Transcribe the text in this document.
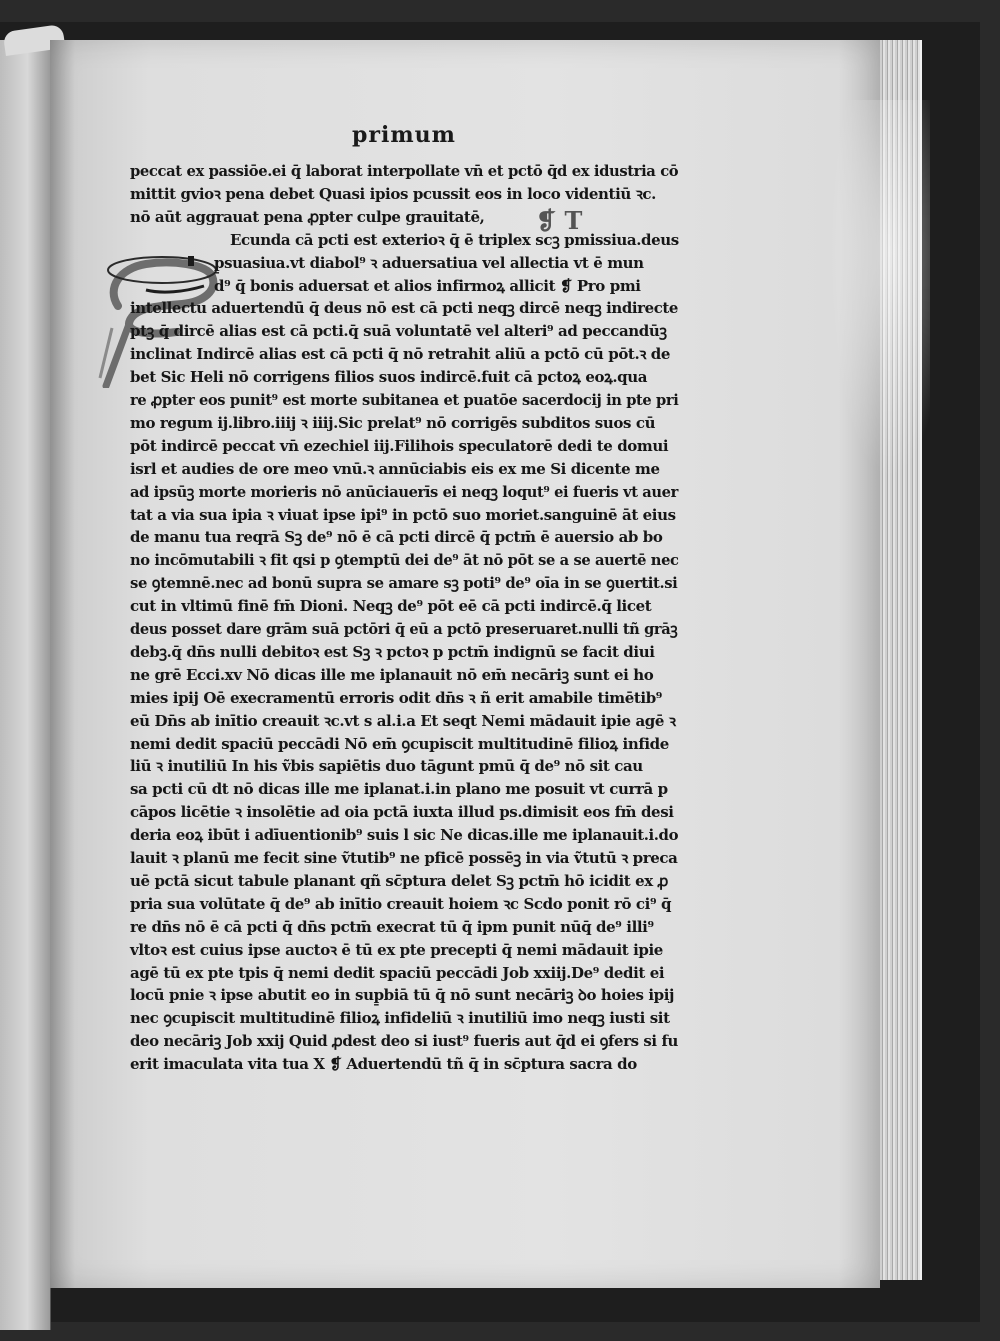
primum
❡ T
peccat ex passiōe.ei q̄ laborat interpollate vn̄ et pctō q̄d ex idustria cō
mittit gvioꝛ pena debet Quasi ipios pcussit eos in loco videntiū ꝛc.
nō aūt aggrauat pena ꝓpter culpe grauitatē,
Ecunda cā pcti est exterioꝛ q̄ ē triplex scꝫ pmissiua.deus
p̱suasiua.vt diabol⁹ ꝛ aduersatiua vel allectia vt ē mun
d⁹ q̄ bonis aduersat et alios infirmoꝝ allicit ❡ Pro pmi
intellectu aduertendū q̄ deus nō est cā pcti neqꝫ dircē neqꝫ indirecte
ptꝫ q̄ dircē alias est cā pcti.q̄ suā voluntatē vel alteri⁹ ad peccandūꝫ
inclinat Indircē alias est cā pcti q̄ nō retrahit aliū a pctō cū pōt.ꝛ de
bet Sic Heli nō corrigens filios suos indircē.fuit cā pctoꝝ eoꝝ.qua
re ꝓpter eos punit⁹ est morte subitanea et puatōe sacerdocij in pte pri
mo regum ij.libro.iiij ꝛ iiij.Sic prelat⁹ nō corrigēs subditos suos cū
pōt indircē peccat vn̄ ezechiel iij.Filihois speculatorē dedi te domui
isrl et audies de ore meo vnū.ꝛ annūciabis eis ex me Si dicente me
ad ipsūꝫ morte morieris nō anūciauerīs ei neqꝫ loqut⁹ ei fueris vt auer
tat a via sua ipia ꝛ viuat ipse ipi⁹ in pctō suo moriet.sanguinē āt eius
de manu tua reqrā Sꝫ de⁹ nō ē cā pcti dircē q̄ pctm̄ ē auersio ab bo
no incōmutabili ꝛ fit qsi p ꝯtemptū dei de⁹ āt nō pōt se a se auertē nec
se ꝯtemnē.nec ad bonū supra se amare sꝫ poti⁹ de⁹ oīa in se ꝯuertit.si
cut in vltimū finē fm̄ Dioni. Neqꝫ de⁹ pōt eē cā pcti indircē.q̄ licet
deus posset dare grām suā pctōri q̄ eū a pctō preseruaret.nulli tñ grāꝫ
debꝫ.q̄ dn̄s nulli debitoꝛ est Sꝫ ꝛ pctoꝛ p pctm̄ indignū se facit diui
ne grē Ecci.xv Nō dicas ille me iplanauit nō em̄ necāriꝫ sunt ei ho
mies ipij Oē execramentū erroris odit dn̄s ꝛ ñ erit amabile timētib⁹
eū Dn̄s ab inītio creauit ꝛc.vt s al.i.a Et seqt Nemi mādauit ipie agē ꝛ
nemi dedit spaciū peccādi Nō em̄ ꝯcupiscit multitudinē filioꝝ infide
liū ꝛ inutiliū In his ṽbis sapiētis duo tāgunt pmū q̄ de⁹ nō sit cau
sa pcti cū dt nō dicas ille me iplanat.i.in plano me posuit vt currā p
cāpos licētie ꝛ insolētie ad oia pctā iuxta illud ps.dimisit eos fm̄ desi
deria eoꝝ ibūt i adīuentionib⁹ suis l sic Ne dicas.ille me iplanauit.i.do
lauit ꝛ planū me fecit sine ṽtutib⁹ ne pficē possēꝫ in via ṽtutū ꝛ precа
uē pctā sicut tabule planant qñ sc̄ptura delet Sꝫ pctm̄ hō icidit ex ꝓ
pria sua volūtate q̄ de⁹ ab inītio creauit hoiem ꝛc Scdo ponit rō ci⁹ q̄
re dn̄s nō ē cā pcti q̄ dn̄s pctm̄ execrat tū q̄ ipm punit nūq̄ de⁹ illi⁹
vltoꝛ est cuius ipse auctoꝛ ē tū ex pte precepti q̄ nemi mādauit ipie
agē tū ex pte tpis q̄ nemi dedit spaciū peccādi Job xxiij.De⁹ dedit ei
locū pnie ꝛ ipse abutit eo in sup̱biā tū q̄ nō sunt necāriꝫ ꝺo hoies ipij
nec ꝯcupiscit multitudinē filioꝝ infideliū ꝛ inutiliū imo neqꝫ iusti sit
deo necāriꝫ Job xxij Quid ꝓdest deo si iust⁹ fueris aut q̄d ei ꝯfers si fu
erit imaculata vita tua X ❡ Aduertendū tñ q̄ in sc̄ptura sacra do
